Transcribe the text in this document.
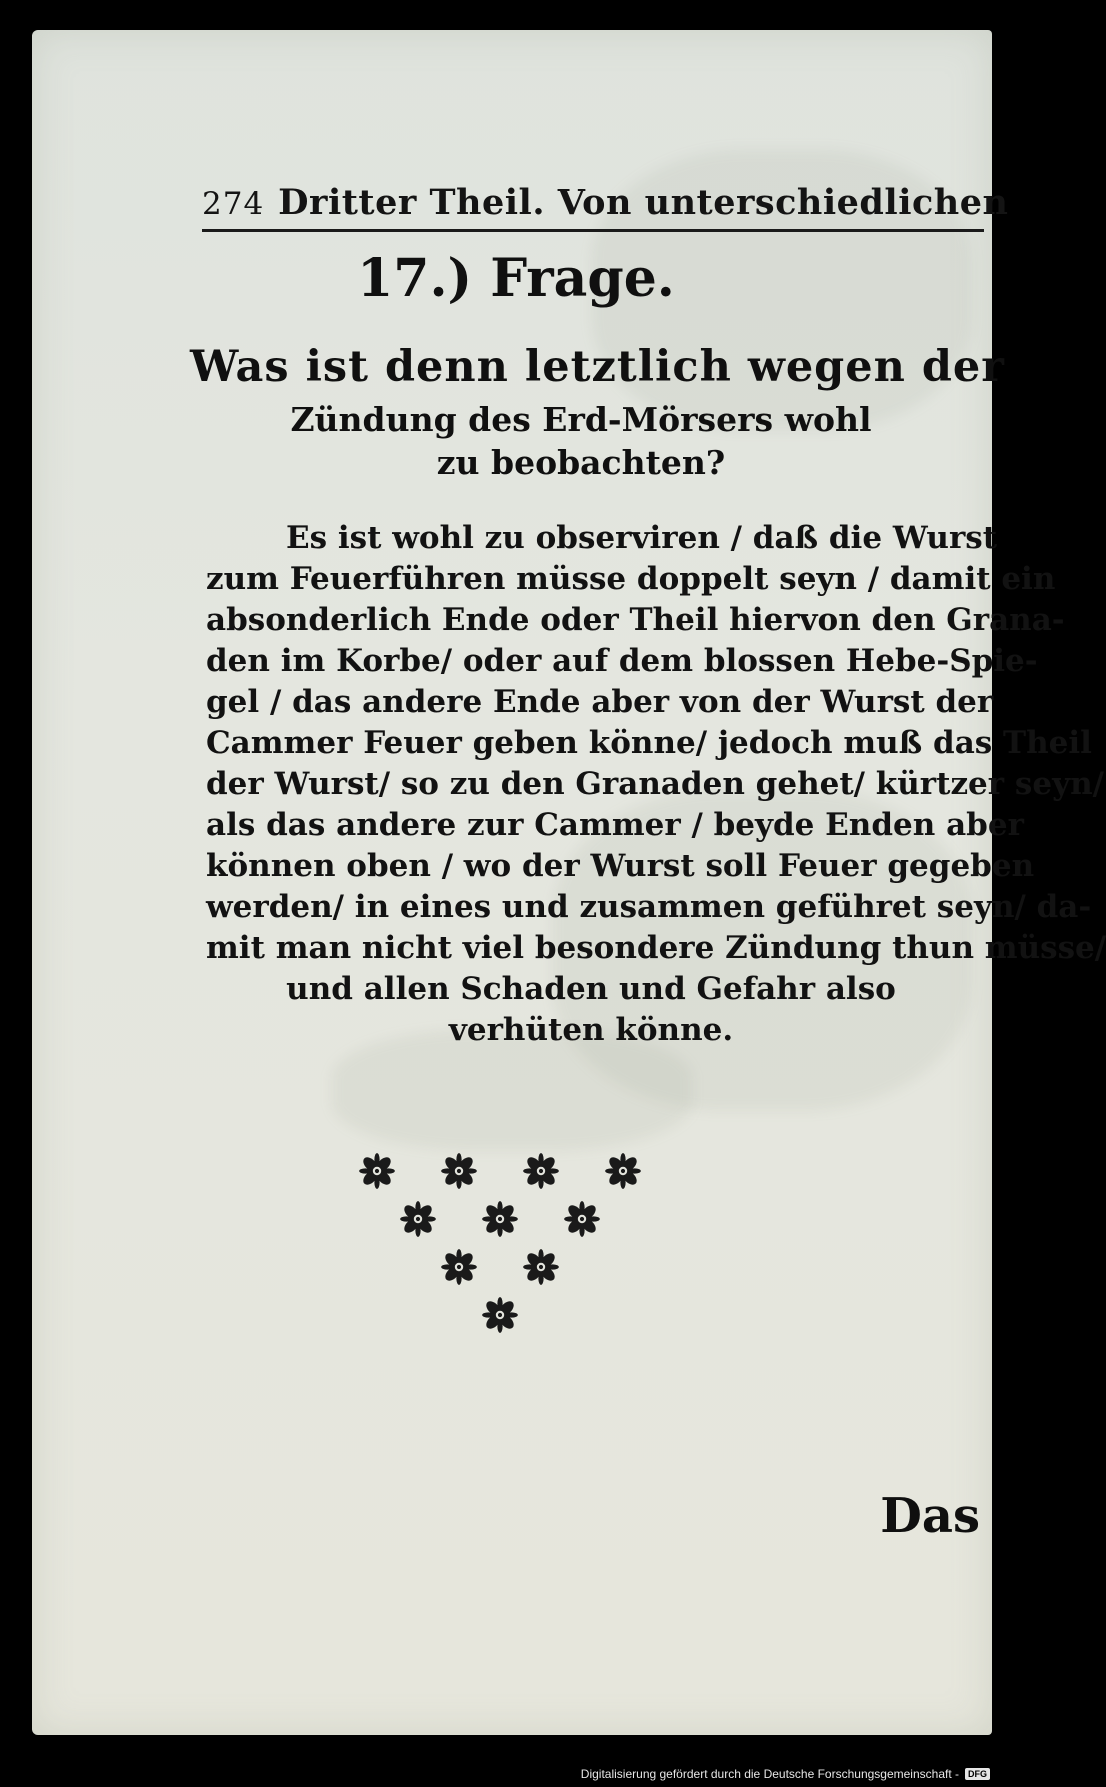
274 Dritter Theil. Von unterschiedlichen
17.) Frage.
Was ist denn letztlich wegen der
Zündung des Erd-Mörsers wohl
zu beobachten?
Es ist wohl zu observiren / daß die Wurst
zum Feuerführen müsse doppelt seyn / damit ein
absonderlich Ende oder Theil hiervon den Grana-
den im Korbe/ oder auf dem blossen Hebe-Spie-
gel / das andere Ende aber von der Wurst der
Cammer Feuer geben könne/ jedoch muß das Theil
der Wurst/ so zu den Granaden gehet/ kürtzer seyn/
als das andere zur Cammer / beyde Enden aber
können oben / wo der Wurst soll Feuer gegeben
werden/ in eines und zusammen geführet seyn/ da-
mit man nicht viel besondere Zündung thun müsse/
und allen Schaden und Gefahr also
verhüten könne.
Das
Digitalisierung gefördert durch die Deutsche Forschungsgemeinschaft -	DFG
